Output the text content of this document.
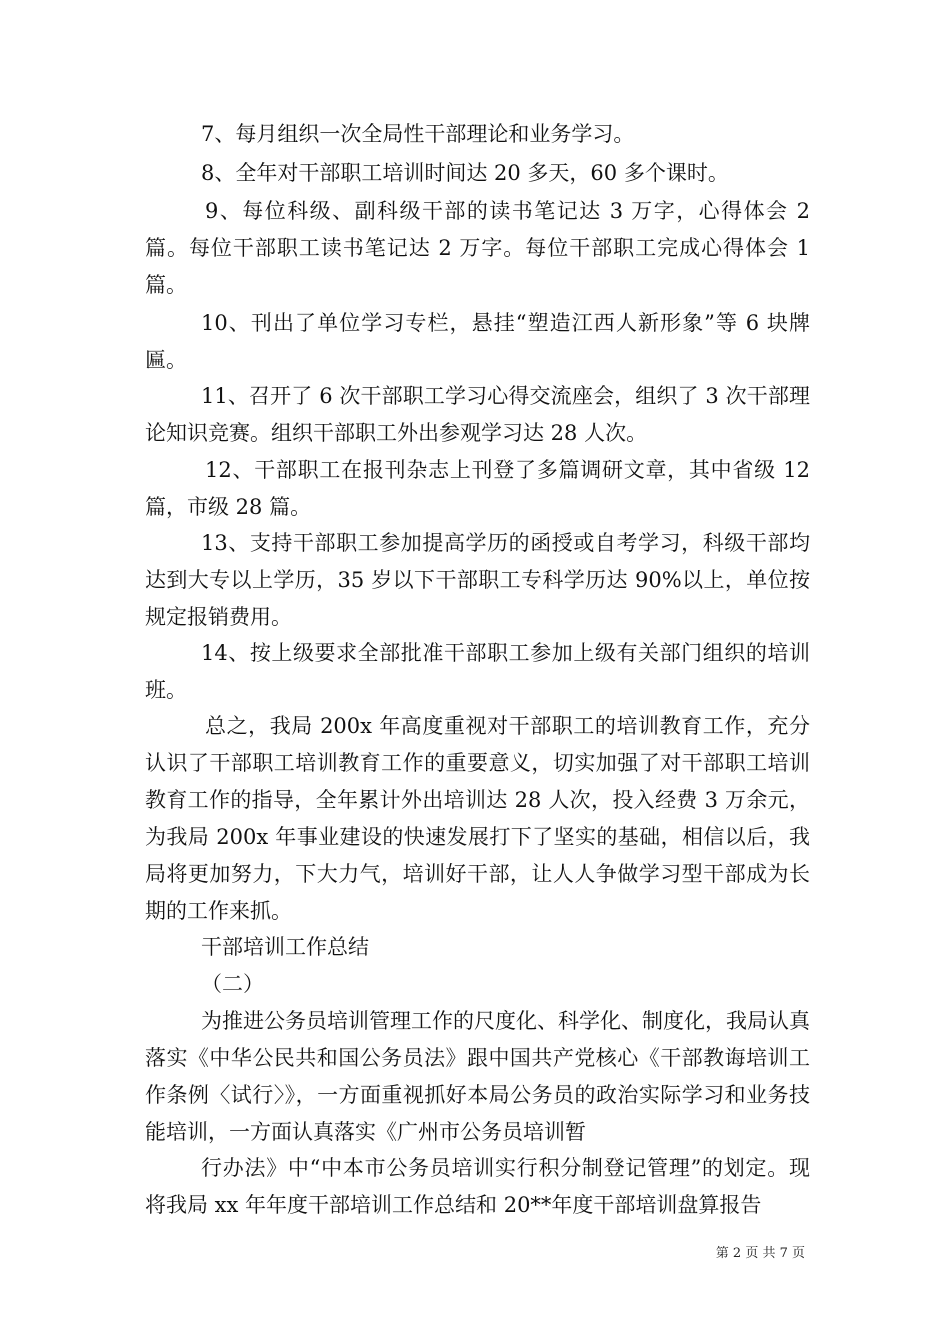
7、每月组织一次全局性干部理论和业务学习。

8、全年对干部职工培训时间达 20 多天，60 多个课时。

9、每位科级、副科级干部的读书笔记达 3 万字，心得体会 2 篇。每位干部职工读书笔记达 2 万字。每位干部职工完成心得体会 1 篇。

10、刊出了单位学习专栏，悬挂“塑造江西人新形象”等 6 块牌匾。

11、召开了 6 次干部职工学习心得交流座会，组织了 3 次干部理论知识竞赛。组织干部职工外出参观学习达 28 人次。

12、干部职工在报刊杂志上刊登了多篇调研文章，其中省级 12 篇，市级 28 篇。

13、支持干部职工参加提高学历的函授或自考学习，科级干部均达到大专以上学历，35 岁以下干部职工专科学历达 90%以上，单位按规定报销费用。

14、按上级要求全部批准干部职工参加上级有关部门组织的培训班。

总之，我局 200x 年高度重视对干部职工的培训教育工作，充分认识了干部职工培训教育工作的重要意义，切实加强了对干部职工培训教育工作的指导，全年累计外出培训达 28 人次，投入经费 3 万余元，为我局 200x 年事业建设的快速发展打下了坚实的基础，相信以后，我局将更加努力，下大力气，培训好干部，让人人争做学习型干部成为长期的工作来抓。

干部培训工作总结

（二）

为推进公务员培训管理工作的尺度化、科学化、制度化，我局认真落实《中华公民共和国公务员法》跟中国共产党核心《干部教诲培训工作条例〈试行〉》，一方面重视抓好本局公务员的政治实际学习和业务技能培训，一方面认真落实《广州市公务员培训暂

行办法》中“中本市公务员培训实行积分制登记管理”的划定。现将我局 xx 年年度干部培训工作总结和 20**年度干部培训盘算报告

第 2 页 共 7 页
